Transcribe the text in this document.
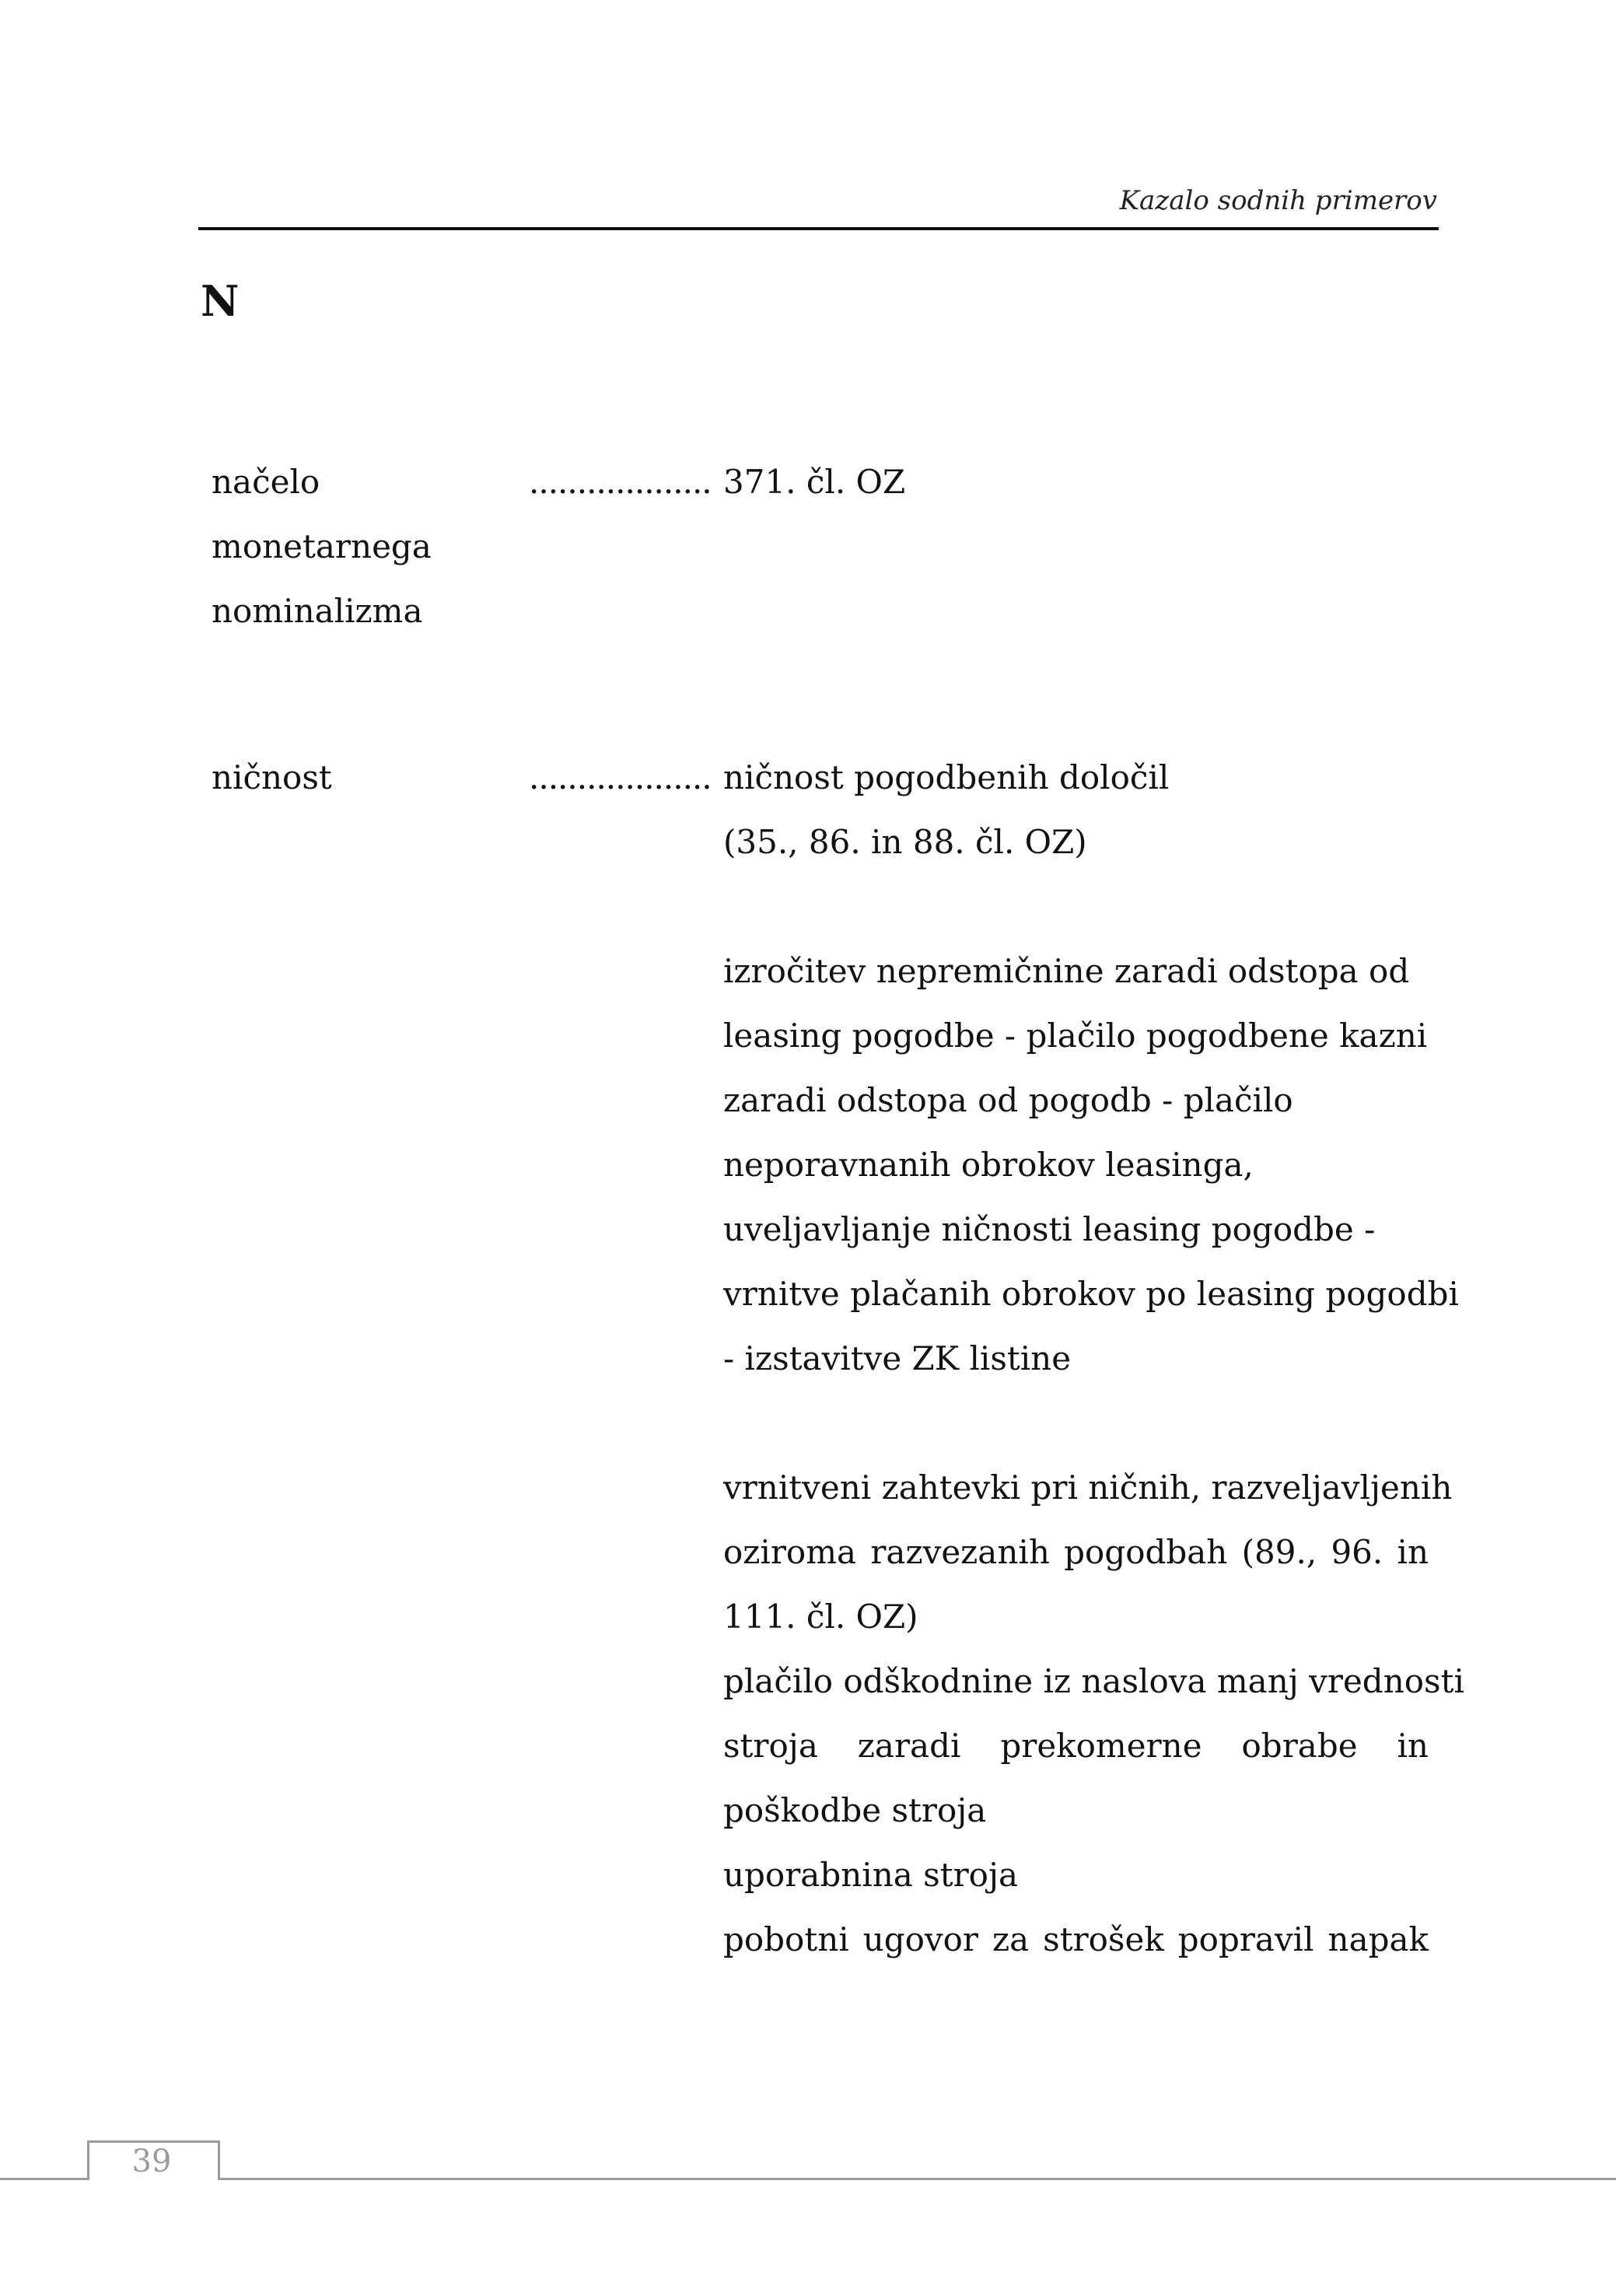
Kazalo sodnih primerov
N
načelo
monetarnega
nominalizma
................... 371. čl. OZ
ničnost	................... ničnost pogodbenih določil
(35., 86. in 88. čl. OZ)
izročitev nepremičnine zaradi odstopa od
leasing pogodbe - plačilo pogodbene kazni
zaradi odstopa od pogodb - plačilo
neporavnanih obrokov leasinga,
uveljavljanje ničnosti leasing pogodbe -
vrnitve plačanih obrokov po leasing pogodbi
- izstavitve ZK listine
vrnitveni zahtevki pri ničnih, razveljavljenih
oziroma razvezanih pogodbah (89., 96. in
111. čl. OZ)
plačilo odškodnine iz naslova manj vrednosti
stroja zaradi prekomerne obrabe in
poškodbe stroja
uporabnina stroja
pobotni ugovor za strošek popravil napak
39
